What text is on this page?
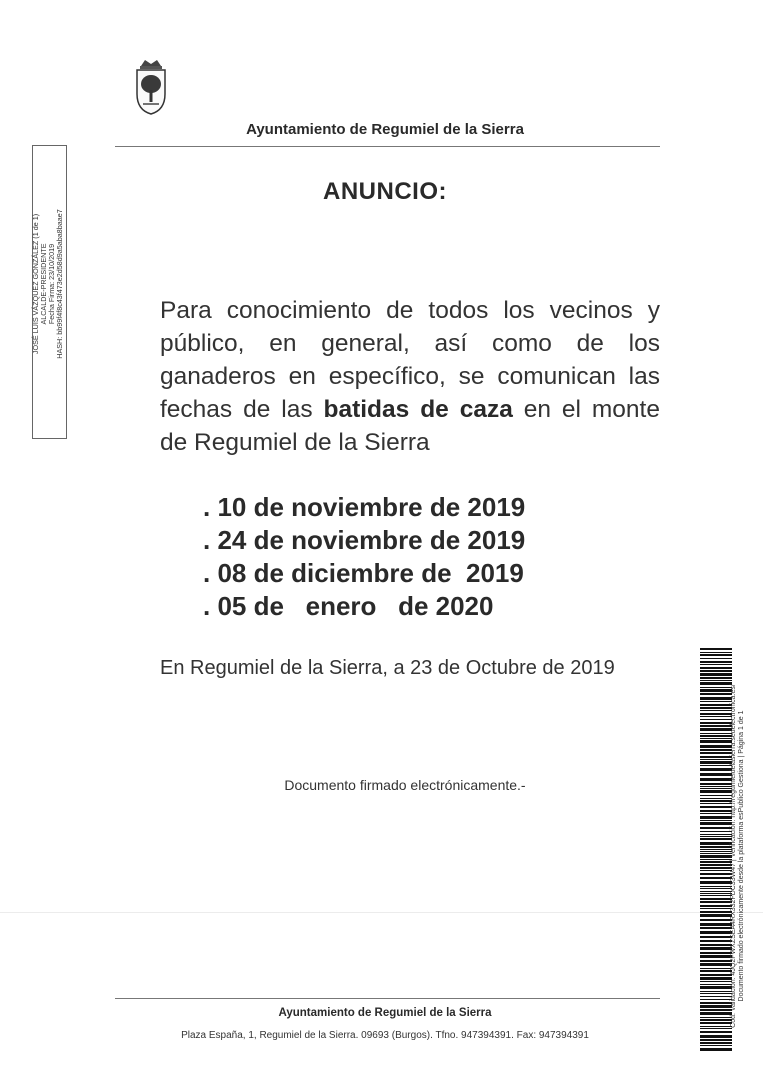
Ayuntamiento de Regumiel de la Sierra
JOSÉ LUIS VÁZQUEZ GONZÁLEZ (1 de 1) ALCALDE-PRESIDENTE Fecha Firma: 23/10/2019 HASH: bb99f4f8c43f473e2d58d9a5aba8baae7
ANUNCIO:
Para conocimiento de todos los vecinos y público, en general, así como de los ganaderos en específico, se comunican las fechas de las batidas de caza en el monte de Regumiel de la Sierra
. 10 de noviembre de 2019
. 24 de noviembre de 2019
. 08 de diciembre de  2019
. 05 de   enero   de 2020
En Regumiel de la Sierra, a 23 de Octubre de 2019
Documento firmado electrónicamente.-
Ayuntamiento de Regumiel de la Sierra
Plaza España, 1, Regumiel de la Sierra. 09693 (Burgos). Tfno. 947394391. Fax: 947394391
Cód. Validación: 4JQ2FWXZSEA4RX332FDC33W47 | Verificación: http://regumieldelasierra.sedelectronica.es/ Documento firmado electrónicamente desde la plataforma esPublico Gestiona | Página 1 de 1
